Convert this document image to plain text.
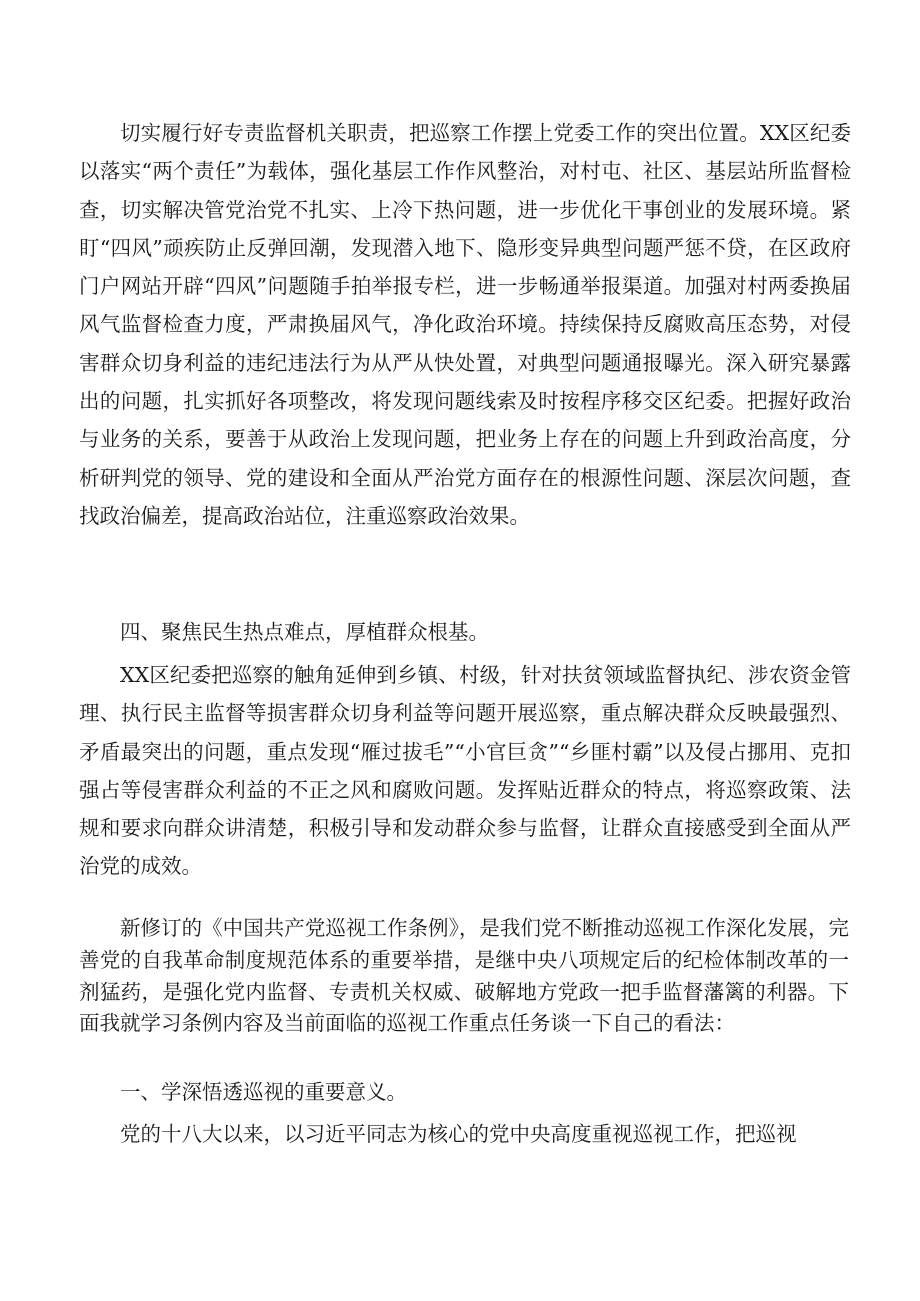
切实履行好专责监督机关职责，把巡察工作摆上党委工作的突出位置。XX区纪委以落实“两个责任”为载体，强化基层工作作风整治，对村屯、社区、基层站所监督检查，切实解决管党治党不扎实、上冷下热问题，进一步优化干事创业的发展环境。紧盯“四风”顽疾防止反弹回潮，发现潜入地下、隐形变异典型问题严惩不贷，在区政府门户网站开辟“四风”问题随手拍举报专栏，进一步畅通举报渠道。加强对村两委换届风气监督检查力度，严肃换届风气，净化政治环境。持续保持反腐败高压态势，对侵害群众切身利益的违纪违法行为从严从快处置，对典型问题通报曝光。深入研究暴露出的问题，扎实抓好各项整改，将发现问题线索及时按程序移交区纪委。把握好政治与业务的关系，要善于从政治上发现问题，把业务上存在的问题上升到政治高度，分析研判党的领导、党的建设和全面从严治党方面存在的根源性问题、深层次问题，查找政治偏差，提高政治站位，注重巡察政治效果。

四、聚焦民生热点难点，厚植群众根基。

XX区纪委把巡察的触角延伸到乡镇、村级，针对扶贫领域监督执纪、涉农资金管理、执行民主监督等损害群众切身利益等问题开展巡察，重点解决群众反映最强烈、矛盾最突出的问题，重点发现“雁过拔毛”“小官巨贪”“乡匪村霸”以及侵占挪用、克扣强占等侵害群众利益的不正之风和腐败问题。发挥贴近群众的特点，将巡察政策、法规和要求向群众讲清楚，积极引导和发动群众参与监督，让群众直接感受到全面从严治党的成效。

新修订的《中国共产党巡视工作条例》，是我们党不断推动巡视工作深化发展，完善党的自我革命制度规范体系的重要举措，是继中央八项规定后的纪检体制改革的一剂猛药，是强化党内监督、专责机关权威、破解地方党政一把手监督藩篱的利器。下面我就学习条例内容及当前面临的巡视工作重点任务谈一下自己的看法：

一、学深悟透巡视的重要意义。

党的十八大以来，以习近平同志为核心的党中央高度重视巡视工作，把巡视
